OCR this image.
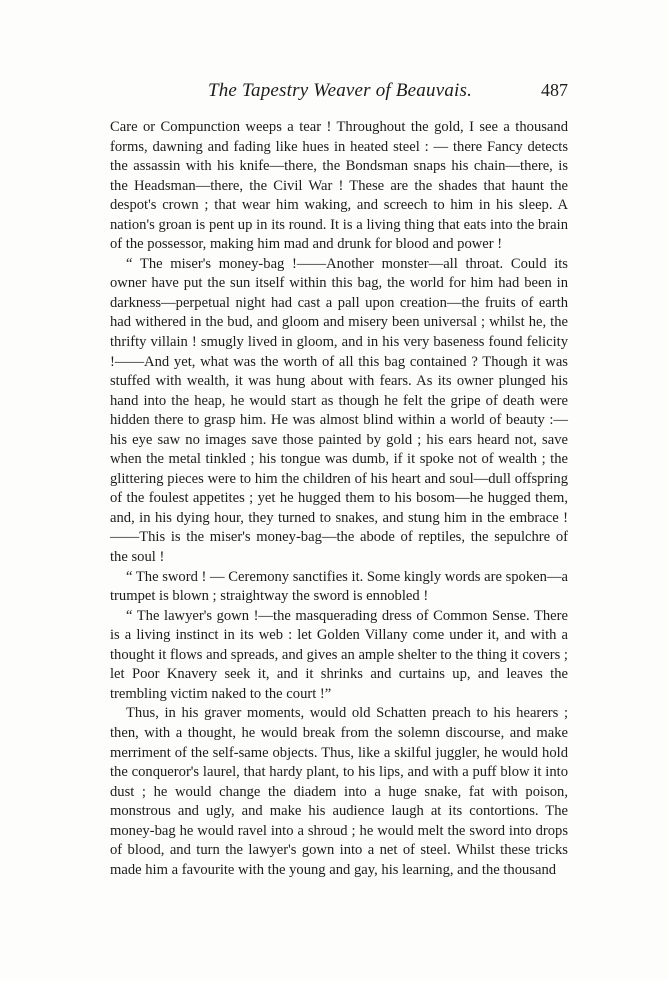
The Tapestry Weaver of Beauvais.	487

Care or Compunction weeps a tear ! Throughout the gold, I see a thousand forms, dawning and fading like hues in heated steel : — there Fancy detects the assassin with his knife—there, the Bondsman snaps his chain—there, is the Headsman—there, the Civil War ! These are the shades that haunt the despot's crown ; that wear him waking, and screech to him in his sleep. A nation's groan is pent up in its round. It is a living thing that eats into the brain of the possessor, making him mad and drunk for blood and power !

“ The miser's money-bag !——Another monster—all throat. Could its owner have put the sun itself within this bag, the world for him had been in darkness—perpetual night had cast a pall upon creation—the fruits of earth had withered in the bud, and gloom and misery been universal ; whilst he, the thrifty villain ! smugly lived in gloom, and in his very baseness found felicity !——And yet, what was the worth of all this bag contained ? Though it was stuffed with wealth, it was hung about with fears. As its owner plunged his hand into the heap, he would start as though he felt the gripe of death were hidden there to grasp him. He was almost blind within a world of beauty :—his eye saw no images save those painted by gold ; his ears heard not, save when the metal tinkled ; his tongue was dumb, if it spoke not of wealth ; the glittering pieces were to him the children of his heart and soul—dull offspring of the foulest appetites ; yet he hugged them to his bosom—he hugged them, and, in his dying hour, they turned to snakes, and stung him in the embrace !——This is the miser's money-bag—the abode of reptiles, the sepulchre of the soul !

“ The sword ! — Ceremony sanctifies it. Some kingly words are spoken—a trumpet is blown ; straightway the sword is ennobled !

“ The lawyer's gown !—the masquerading dress of Common Sense. There is a living instinct in its web : let Golden Villany come under it, and with a thought it flows and spreads, and gives an ample shelter to the thing it covers ; let Poor Knavery seek it, and it shrinks and curtains up, and leaves the trembling victim naked to the court !”

Thus, in his graver moments, would old Schatten preach to his hearers ; then, with a thought, he would break from the solemn discourse, and make merriment of the self-same objects. Thus, like a skilful juggler, he would hold the conqueror's laurel, that hardy plant, to his lips, and with a puff blow it into dust ; he would change the diadem into a huge snake, fat with poison, monstrous and ugly, and make his audience laugh at its contortions. The money-bag he would ravel into a shroud ; he would melt the sword into drops of blood, and turn the lawyer's gown into a net of steel. Whilst these tricks made him a favourite with the young and gay, his learning, and the thousand
